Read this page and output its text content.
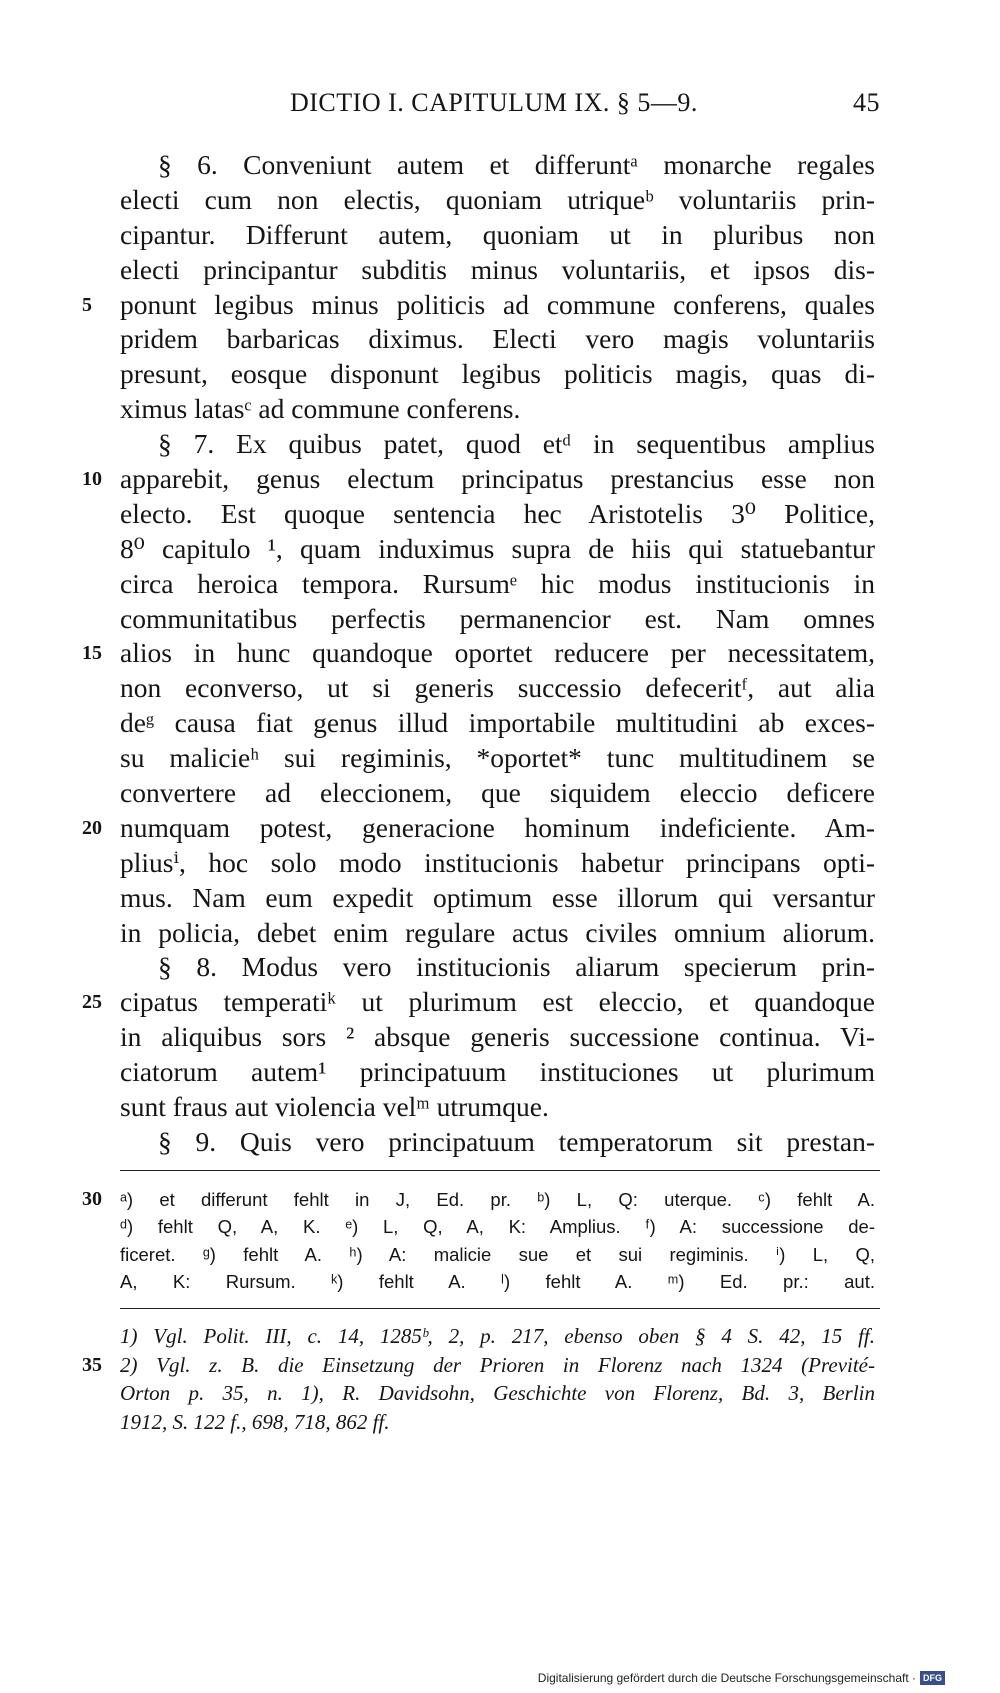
DICTIO I. CAPITULUM IX. § 5—9.	45
§ 6. Conveniunt autem et differuntᵃ monarche regales
electi cum non electis, quoniam utriqueᵇ voluntariis prin-
cipantur. Differunt autem, quoniam ut in pluribus non
electi principantur subditis minus voluntariis, et ipsos dis-
5 ponunt legibus minus politicis ad commune conferens, quales
pridem barbaricas diximus. Electi vero magis voluntariis
presunt, eosque disponunt legibus politicis magis, quas di-
ximus latasᶜ ad commune conferens.
§ 7. Ex quibus patet, quod etᵈ in sequentibus amplius
10 apparebit, genus electum principatus prestancius esse non
electo. Est quoque sentencia hec Aristotelis 3⁰ Politice,
8⁰ capitulo ¹, quam induximus supra de hiis qui statuebantur
circa heroica tempora. Rursumᵉ hic modus institucionis in
communitatibus perfectis permanencior est. Nam omnes
15 alios in hunc quandoque oportet reducere per necessitatem,
non econverso, ut si generis successio defeceritᶠ, aut alia
deᵍ causa fiat genus illud importabile multitudini ab exces-
su malicieʰ sui regiminis, *oportet* tunc multitudinem se
convertere ad eleccionem, que siquidem eleccio deficere
20 numquam potest, generacione hominum indeficiente. Am-
pliusⁱ, hoc solo modo institucionis habetur principans opti-
mus. Nam eum expedit optimum esse illorum qui versantur
in policia, debet enim regulare actus civiles omnium aliorum.
§ 8. Modus vero institucionis aliarum specierum prin-
25 cipatus temperatiᵏ ut plurimum est eleccio, et quandoque
in aliquibus sors ² absque generis successione continua. Vi-
ciatorum autem¹ principatuum instituciones ut plurimum
sunt fraus aut violencia velᵐ utrumque.
§ 9. Quis vero principatuum temperatorum sit prestan-
30 ᵃ) et differunt fehlt in J, Ed. pr. ᵇ) L, Q: uterque. ᶜ) fehlt A.
ᵈ) fehlt Q, A, K. ᵉ) L, Q, A, K: Amplius. ᶠ) A: successione de-
ficeret. ᵍ) fehlt A. ʰ) A: malicie sue et sui regiminis. ⁱ) L, Q,
A, K: Rursum. ᵏ) fehlt A. ˡ) fehlt A. ᵐ) Ed. pr.: aut.
1) Vgl. Polit. III, c. 14, 1285ᵇ, 2, p. 217, ebenso oben § 4 S. 42, 15 ff.
35 2) Vgl. z. B. die Einsetzung der Prioren in Florenz nach 1324 (Previté-
Orton p. 35, n. 1), R. Davidsohn, Geschichte von Florenz, Bd. 3, Berlin
1912, S. 122 f., 698, 718, 862 ff.
Digitalisierung gefördert durch die Deutsche Forschungsgemeinschaft · DFG
